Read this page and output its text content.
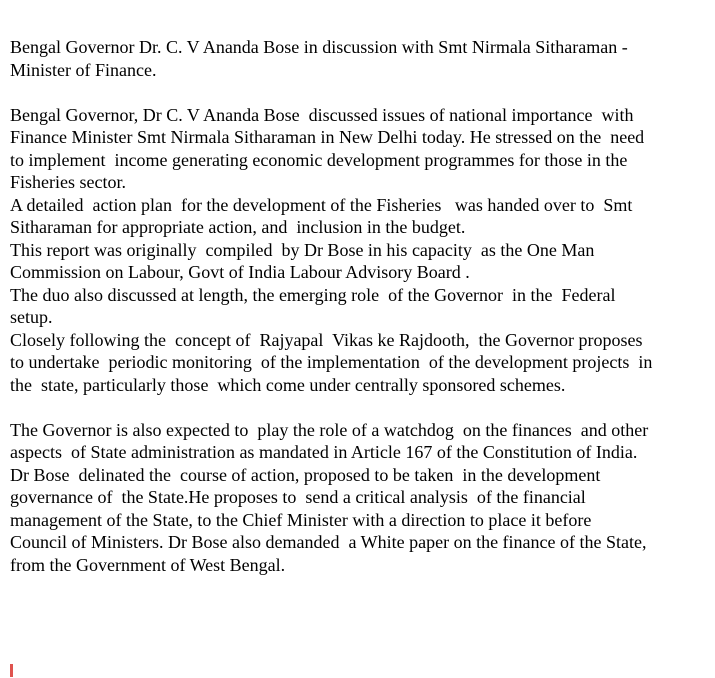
Bengal Governor Dr. C. V Ananda Bose in discussion with Smt Nirmala Sitharaman -
Minister of Finance.
Bengal Governor, Dr C. V Ananda Bose  discussed issues of national importance  with
Finance Minister Smt Nirmala Sitharaman in New Delhi today. He stressed on the  need
to implement  income generating economic development programmes for those in the
Fisheries sector.
A detailed  action plan  for the development of the Fisheries   was handed over to  Smt
Sitharaman for appropriate action, and  inclusion in the budget.
This report was originally  compiled  by Dr Bose in his capacity  as the One Man
Commission on Labour, Govt of India Labour Advisory Board .
The duo also discussed at length, the emerging role  of the Governor  in the  Federal
setup.
Closely following the  concept of  Rajyapal  Vikas ke Rajdooth,  the Governor proposes
to undertake  periodic monitoring  of the implementation  of the development projects  in
the  state, particularly those  which come under centrally sponsored schemes.
The Governor is also expected to  play the role of a watchdog  on the finances  and other
aspects  of State administration as mandated in Article 167 of the Constitution of India.
Dr Bose  delinated the  course of action, proposed to be taken  in the development
governance of  the State.He proposes to  send a critical analysis  of the financial
management of the State, to the Chief Minister with a direction to place it before
Council of Ministers. Dr Bose also demanded  a White paper on the finance of the State,
from the Government of West Bengal.
